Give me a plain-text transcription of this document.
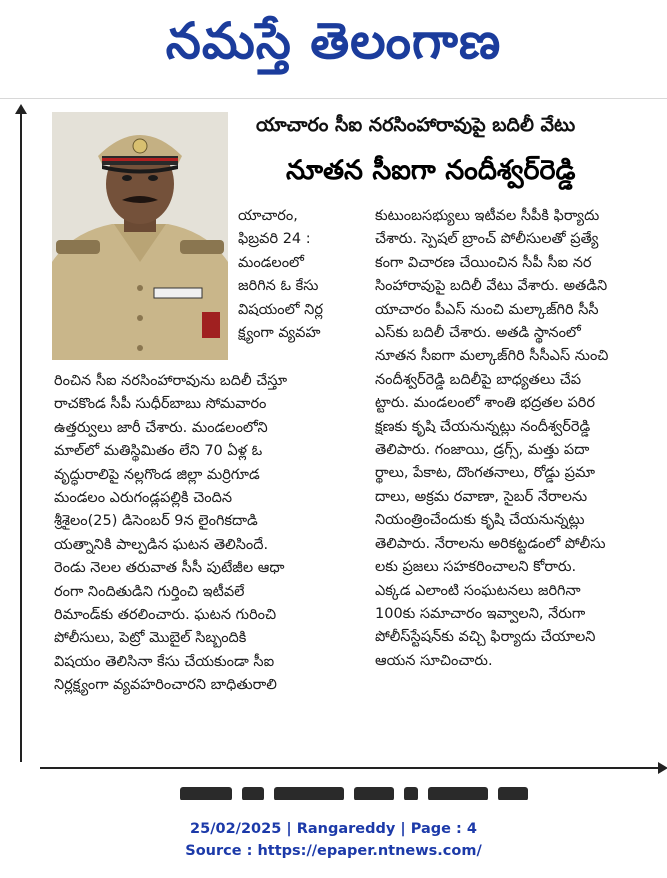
నమస్తే తెలంగాణ
యాచారం సీఐ నరసింహారావుపై బదిలీ వేటు
నూతన సీఐగా నందీశ్వర్‌రెడ్డి

యాచారం,

ఫిబ్రవరి 24 :

మండలంలో

జరిగిన ఓ కేసు

విషయంలో నిర్ల

క్ష్యంగా వ్యవహ

రించిన సీఐ నరసింహారావును బదిలీ చేస్తూ

రాచకొండ సీపీ సుధీర్‌బాబు సోమవారం

ఉత్తర్వులు జారీ చేశారు. మండలంలోని

మాల్‌లో మతిస్థిమితం లేని 70 ఏళ్ల ఓ

వృద్ధురాలిపై నల్లగొండ జిల్లా మర్రిగూడ

మండలం ఎరుగండ్లపల్లికి చెందిన

శ్రీశైలం(25) డిసెంబర్ 9న లైంగికదాడి

యత్నానికి పాల్పడిన ఘటన తెలిసిందే.

రెండు నెలల తరువాత సీసీ పుటేజీల ఆధా

రంగా నిందితుడిని గుర్తించి ఇటీవలే

రిమాండ్‌కు తరలించారు. ఘటన గురించి

పోలీసులు, పెట్రో మొబైల్ సిబ్బందికి

విషయం తెలిసినా కేసు చేయకుండా సీఐ

నిర్లక్ష్యంగా వ్యవహరించారని బాధితురాలి

కుటుంబసభ్యులు ఇటీవల సీపీకి ఫిర్యాదు

చేశారు. స్పెషల్ బ్రాంచ్ పోలీసులతో ప్రత్యే

కంగా విచారణ చేయించిన సీపీ సీఐ నర

సింహారావుపై బదిలీ వేటు వేశారు. అతడిని

యాచారం పీఎస్ నుంచి మల్కాజ్‌గిరి సీసీ

ఎస్‌కు బదిలీ చేశారు. అతడి స్థానంలో

నూతన సీఐగా మల్కాజ్‌గిరి సీసీఎస్ నుంచి

నందీశ్వర్‌రెడ్డి బదిలీపై బాధ్యతలు చేప

ట్టారు. మండలంలో శాంతి భద్రతల పరిర

క్షణకు కృషి చేయనున్నట్లు నందీశ్వర్‌రెడ్డి

తెలిపారు. గంజాయి, డ్రగ్స్, మత్తు పదా

ర్థాలు, పేకాట, దొంగతనాలు, రోడ్డు ప్రమా

దాలు, అక్రమ రవాణా, సైబర్ నేరాలను

నియంత్రించేందుకు కృషి చేయనున్నట్లు

తెలిపారు. నేరాలను అరికట్టడంలో పోలీసు

లకు ప్రజలు సహకరించాలని కోరారు.

ఎక్కడ ఎలాంటి సంఘటనలు జరిగినా

100కు సమాచారం ఇవ్వాలని, నేరుగా

పోలీస్‌స్టేషన్‌కు వచ్చి ఫిర్యాదు చేయాలని

ఆయన సూచించారు.

25/02/2025 | Rangareddy | Page : 4
Source : https://epaper.ntnews.com/
